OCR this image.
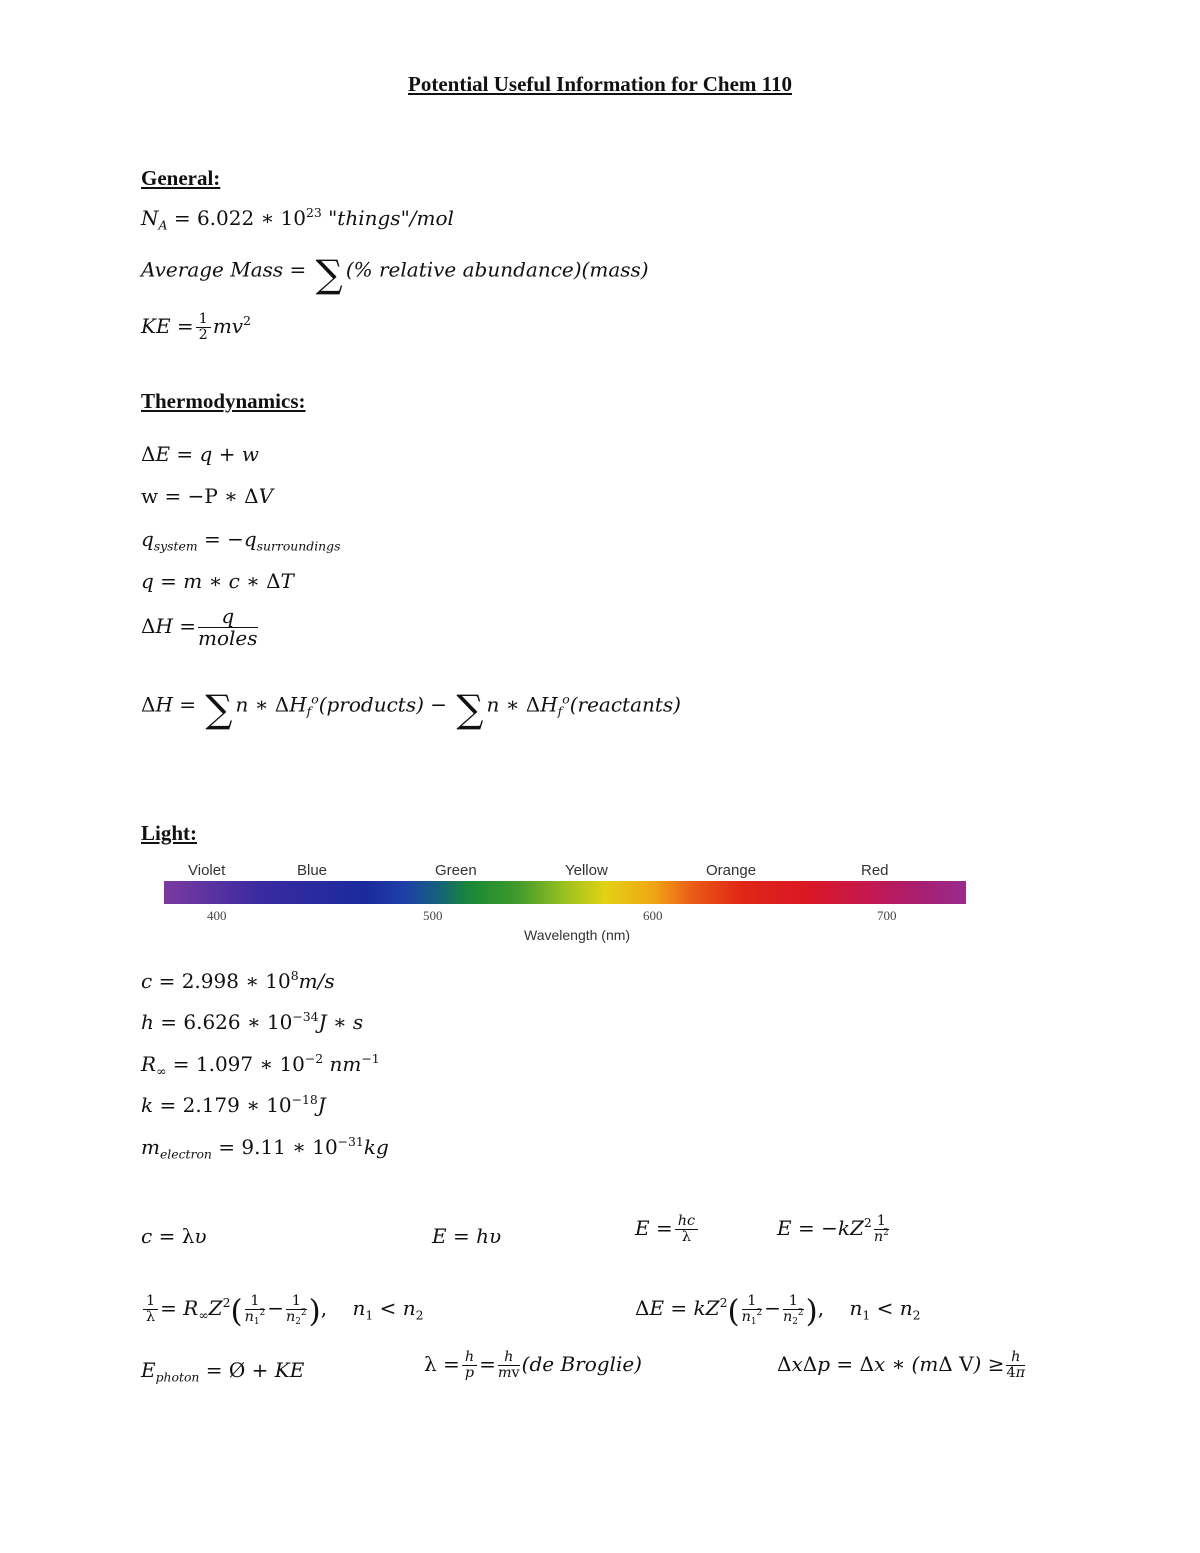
Potential Useful Information for Chem 110
General:
$N_A = 6.022$ ∗ $10^{23}$ "things"/mol
Average Mass = ∑ (% relative abundance)(mass)
KE = $\frac{1}{2} mv^2$
Thermodynamics:
ΔE = q + w
w = −P ∗ ΔV
$q_{system} = -q_{surroundings}$
q = m ∗ c ∗ ΔT
$\Delta H = \frac{q}{\text{moles}}$
ΔH = ∑ n ∗ $\Delta H_f^o(products)$ − ∑ n ∗ $\Delta H_f^o(reactants)$
Light:
Violet	Blue	Green	Yellow	Orange	Red
400	500	600	700
Wavelength (nm)
c = 2.998 ∗ $10^8m/s$
h = 6.626 ∗ $10^{-34}J$ ∗ s
$R_\infty = 1.097$ ∗ $10^{-2}$ $nm^{-1}$
k = 2.179 ∗ $10^{-18}J$
$m_{electron} = 9.11$ ∗ $10^{-31}kg$
c = λυ	E = hυ	$E = \frac{hc}{\lambda}$	$E = -kZ^2 \frac{1}{n^2}$
$\frac{1}{\lambda} = R_\infty Z^2( \frac{1}{n_1^2} - \frac{1}{n_2^2}$ ),    $n_1 < n_2$	$\Delta E = kZ^2( \frac{1}{n_1^2} - \frac{1}{n_2^2}$ ),    $n_1 < n_2$
$E_{photon}$ = Ø + KE	$\lambda = \frac{h}{p} = \frac{h}{mv} (de$ Broglie)	ΔxΔp = Δx ∗ (mΔ $V) \ge \frac{h}{4\pi}$
